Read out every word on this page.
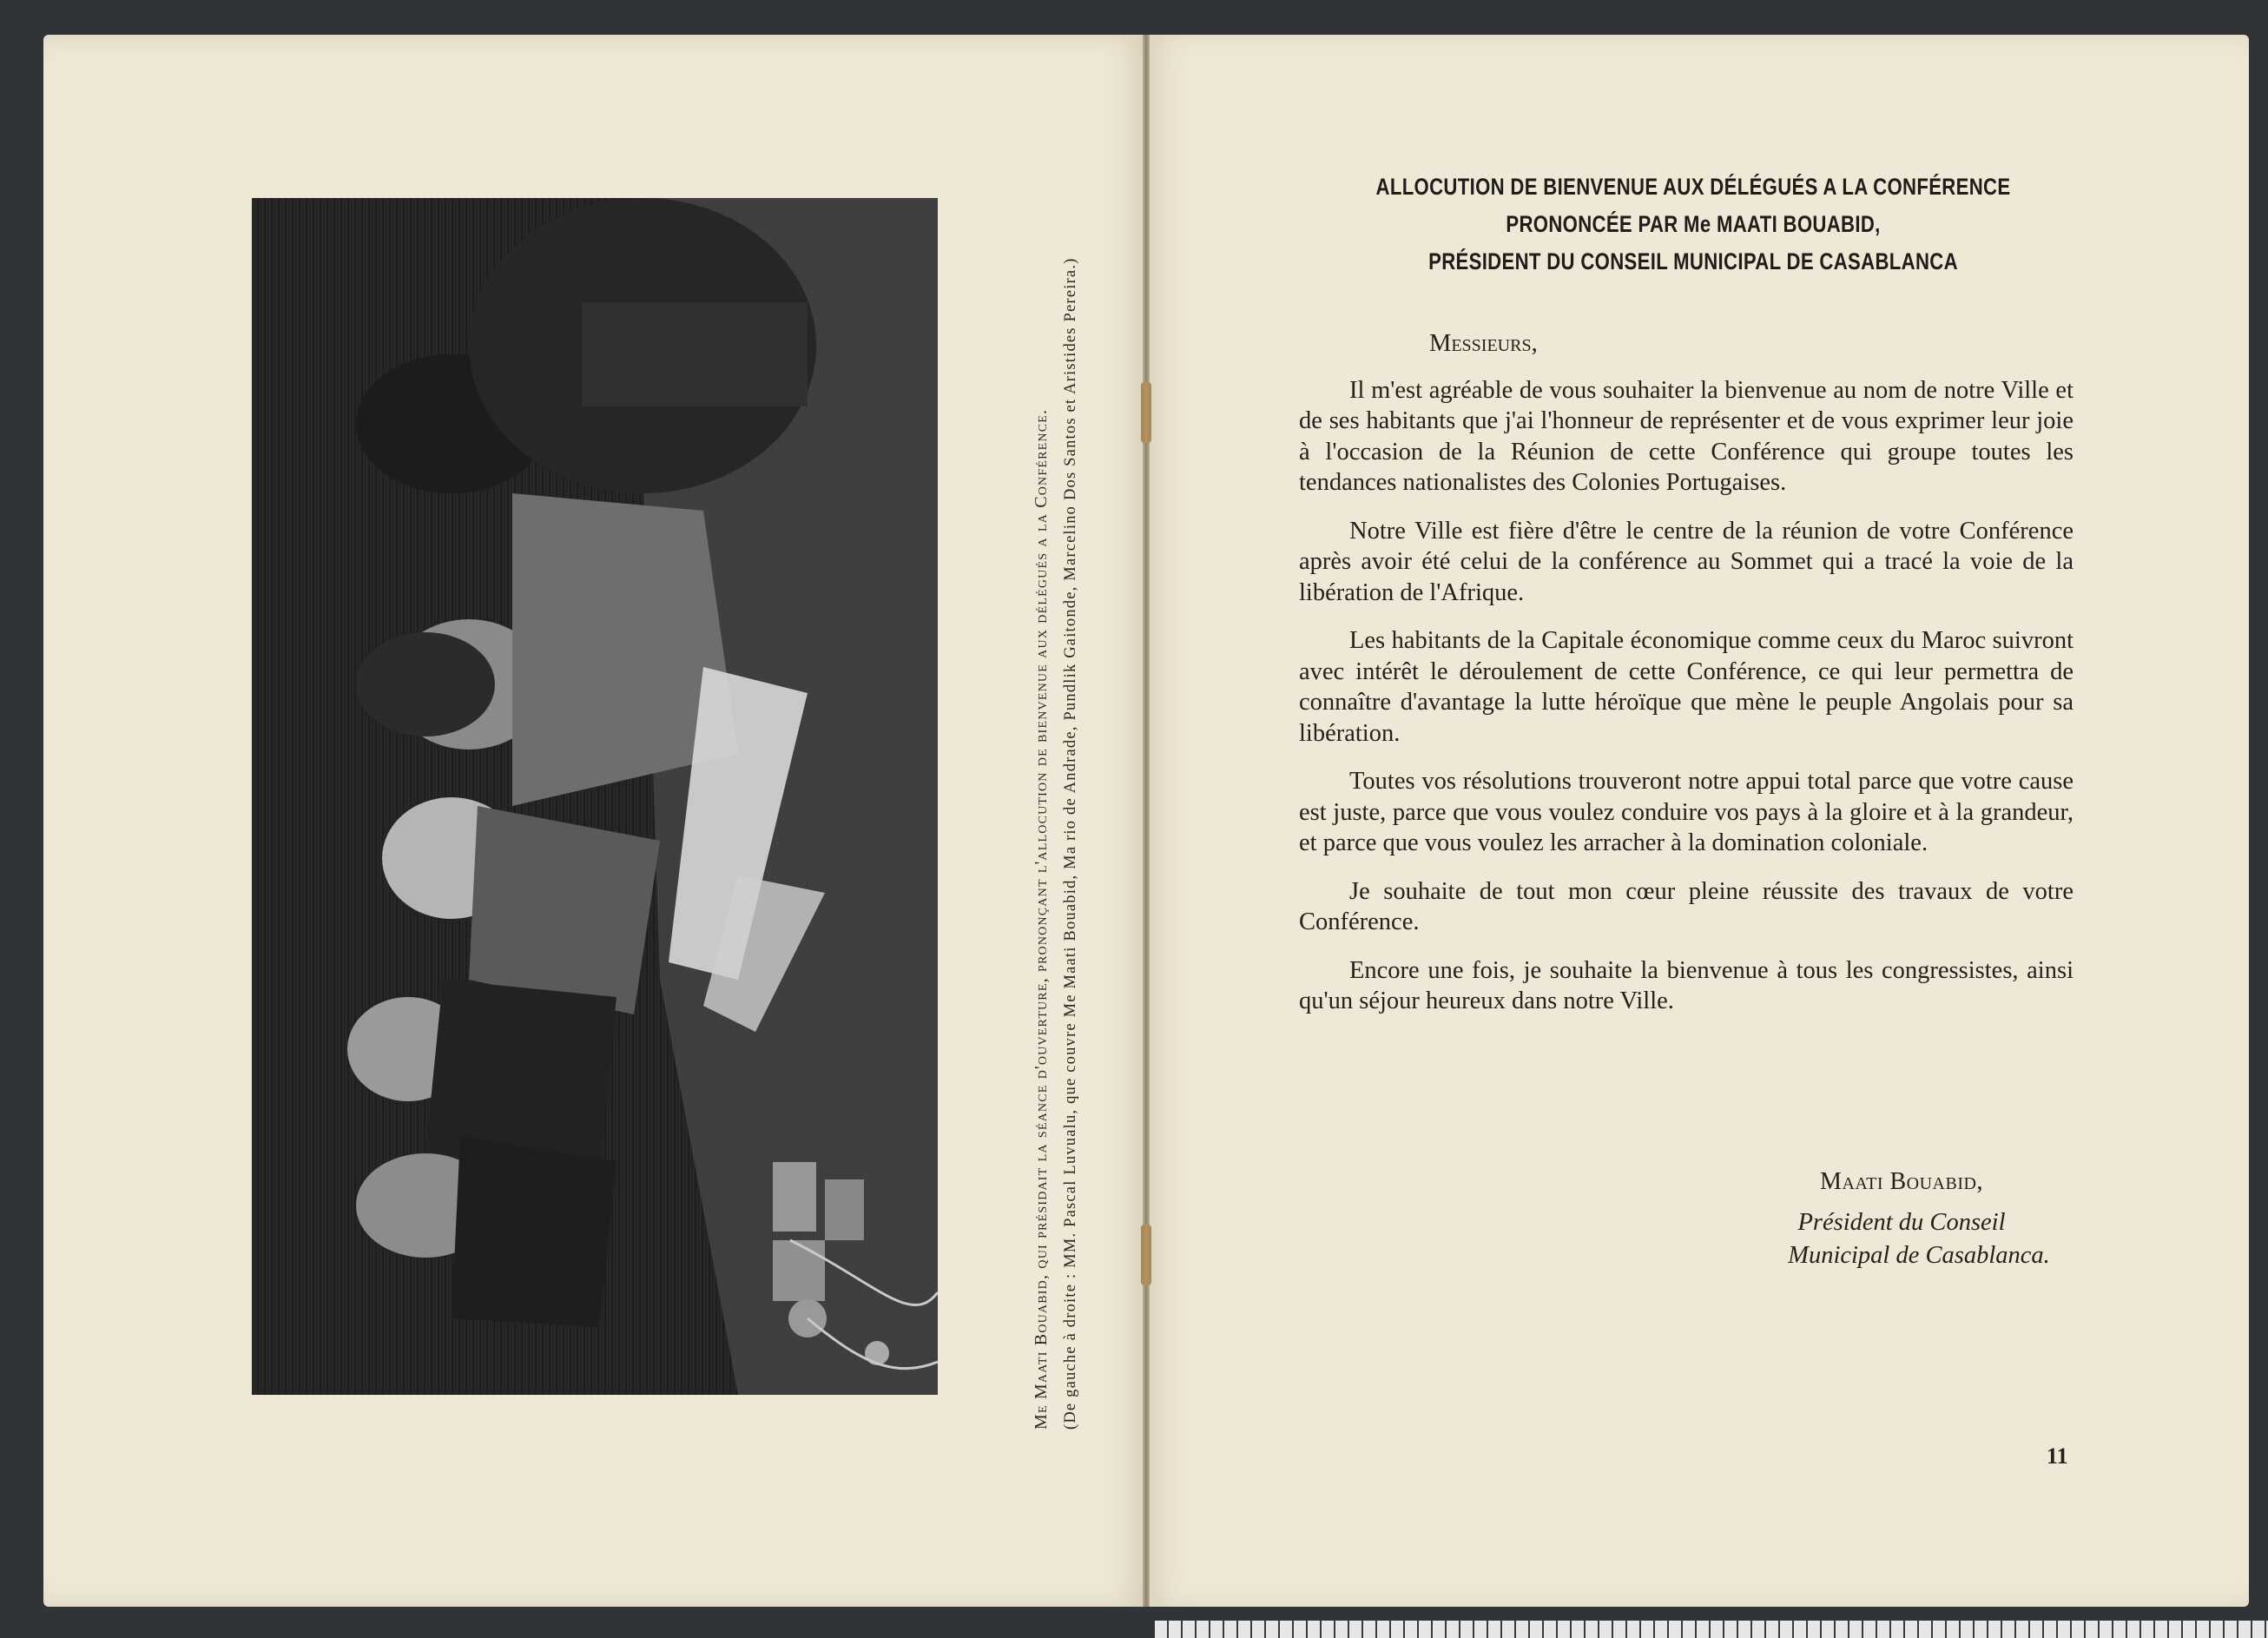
Me Maati Bouabid, qui présidait la séance d'ouverture, prononçant l'allocution de bienvenue aux délégués a la Conférence. (De gauche à droite : MM. Pascal Luvualu, que couvre Me Maati Bouabid, Ma rio de Andrade, Pundlik Gaitonde, Marcelino Dos Santos et Aristides Pereira.)
ALLOCUTION DE BIENVENUE AUX DÉLÉGUÉS A LA CONFÉRENCE
PRONONCÉE PAR Me MAATI BOUABID,
PRÉSIDENT DU CONSEIL MUNICIPAL DE CASABLANCA

Messieurs,

Il m'est agréable de vous souhaiter la bienvenue au nom de notre Ville et de ses habitants que j'ai l'honneur de représenter et de vous exprimer leur joie à l'occasion de la Réunion de cette Conférence qui groupe toutes les tendances nationalistes des Colonies Portugaises.

Notre Ville est fière d'être le centre de la réunion de votre Conférence après avoir été celui de la conférence au Sommet qui a tracé la voie de la libération de l'Afrique.

Les habitants de la Capitale économique comme ceux du Maroc suivront avec intérêt le déroulement de cette Conférence, ce qui leur permettra de connaître d'avantage la lutte héroïque que mène le peuple Angolais pour sa libération.

Toutes vos résolutions trouveront notre appui total parce que votre cause est juste, parce que vous voulez conduire vos pays à la gloire et à la grandeur, et parce que vous voulez les arracher à la domination coloniale.

Je souhaite de tout mon cœur pleine réussite des travaux de votre Conférence.

Encore une fois, je souhaite la bienvenue à tous les congressistes, ainsi qu'un séjour heureux dans notre Ville.

Maati Bouabid,
Président du Conseil
Municipal de Casablanca.
11
